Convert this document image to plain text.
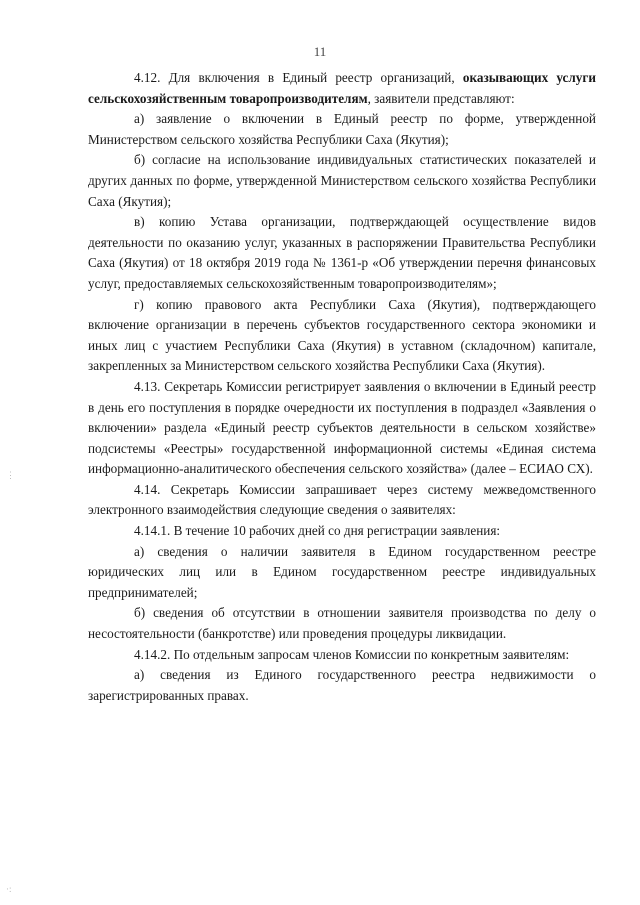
11
⋮
·:

4.12. Для включения в Единый реестр организаций, оказывающих услуги сельскохозяйственным товаропроизводителям, заявители представляют:

а) заявление о включении в Единый реестр по форме, утвержденной Министерством сельского хозяйства Республики Саха (Якутия);

б) согласие на использование индивидуальных статистических показателей и других данных по форме, утвержденной Министерством сельского хозяйства Республики Саха (Якутия);

в) копию Устава организации, подтверждающей осуществление видов деятельности по оказанию услуг, указанных в распоряжении Правительства Республики Саха (Якутия) от 18 октября 2019 года № 1361-р «Об утверждении перечня финансовых услуг, предоставляемых сельскохозяйственным товаропроизводителям»;

г) копию правового акта Республики Саха (Якутия), подтверждающего включение организации в перечень субъектов государственного сектора экономики и иных лиц с участием Республики Саха (Якутия) в уставном (складочном) капитале, закрепленных за Министерством сельского хозяйства Республики Саха (Якутия).

4.13. Секретарь Комиссии регистрирует заявления о включении в Единый реестр в день его поступления в порядке очередности их поступления в подраздел «Заявления о включении» раздела «Единый реестр субъектов деятельности в сельском хозяйстве» подсистемы «Реестры» государственной информационной системы «Единая система информационно-аналитического обеспечения сельского хозяйства» (далее – ЕСИАО СХ).

4.14. Секретарь Комиссии запрашивает через систему межведомственного электронного взаимодействия следующие сведения о заявителях:

4.14.1. В течение 10 рабочих дней со дня регистрации заявления:

а) сведения о наличии заявителя в Едином государственном реестре юридических лиц или в Едином государственном реестре индивидуальных предпринимателей;

б) сведения об отсутствии в отношении заявителя производства по делу о несостоятельности (банкротстве) или проведения процедуры ликвидации.

4.14.2. По отдельным запросам членов Комиссии по конкретным заявителям:

а) сведения из Единого государственного реестра недвижимости о зарегистрированных правах.
